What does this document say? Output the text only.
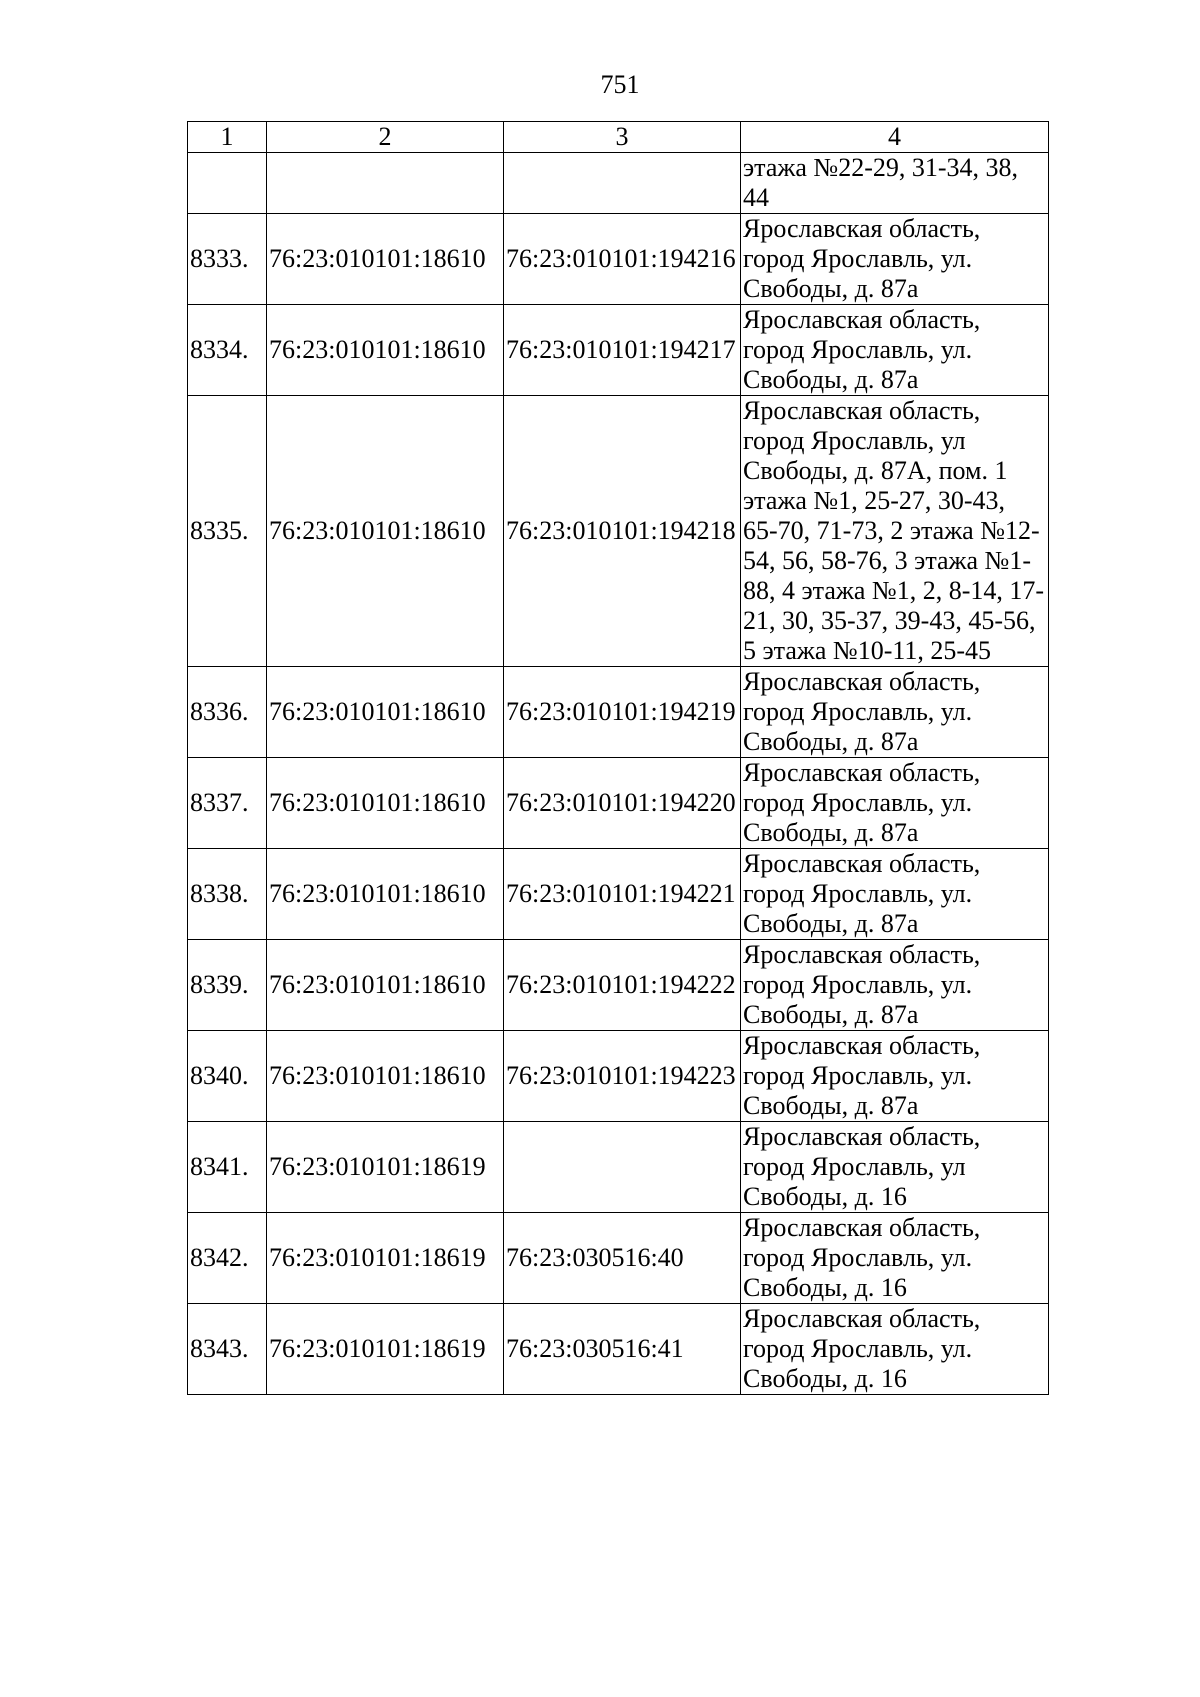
751
1	2	3	4
			этажа №22-29, 31-34, 38, 44
8333.	76:23:010101:18610	76:23:010101:194216	Ярославская область, город Ярославль, ул. Свободы, д. 87а
8334.	76:23:010101:18610	76:23:010101:194217	Ярославская область, город Ярославль, ул. Свободы, д. 87а
8335.	76:23:010101:18610	76:23:010101:194218	Ярославская область, город Ярославль, ул Свободы, д. 87А, пом. 1 этажа №1, 25-27, 30-43, 65-70, 71-73, 2 этажа №12-54, 56, 58-76, 3 этажа №1-88, 4 этажа №1, 2, 8-14, 17-21, 30, 35-37, 39-43, 45-56, 5 этажа №10-11, 25-45
8336.	76:23:010101:18610	76:23:010101:194219	Ярославская область, город Ярославль, ул. Свободы, д. 87а
8337.	76:23:010101:18610	76:23:010101:194220	Ярославская область, город Ярославль, ул. Свободы, д. 87а
8338.	76:23:010101:18610	76:23:010101:194221	Ярославская область, город Ярославль, ул. Свободы, д. 87а
8339.	76:23:010101:18610	76:23:010101:194222	Ярославская область, город Ярославль, ул. Свободы, д. 87а
8340.	76:23:010101:18610	76:23:010101:194223	Ярославская область, город Ярославль, ул. Свободы, д. 87а
8341.	76:23:010101:18619		Ярославская область, город Ярославль, ул Свободы, д. 16
8342.	76:23:010101:18619	76:23:030516:40	Ярославская область, город Ярославль, ул. Свободы, д. 16
8343.	76:23:010101:18619	76:23:030516:41	Ярославская область, город Ярославль, ул. Свободы, д. 16
